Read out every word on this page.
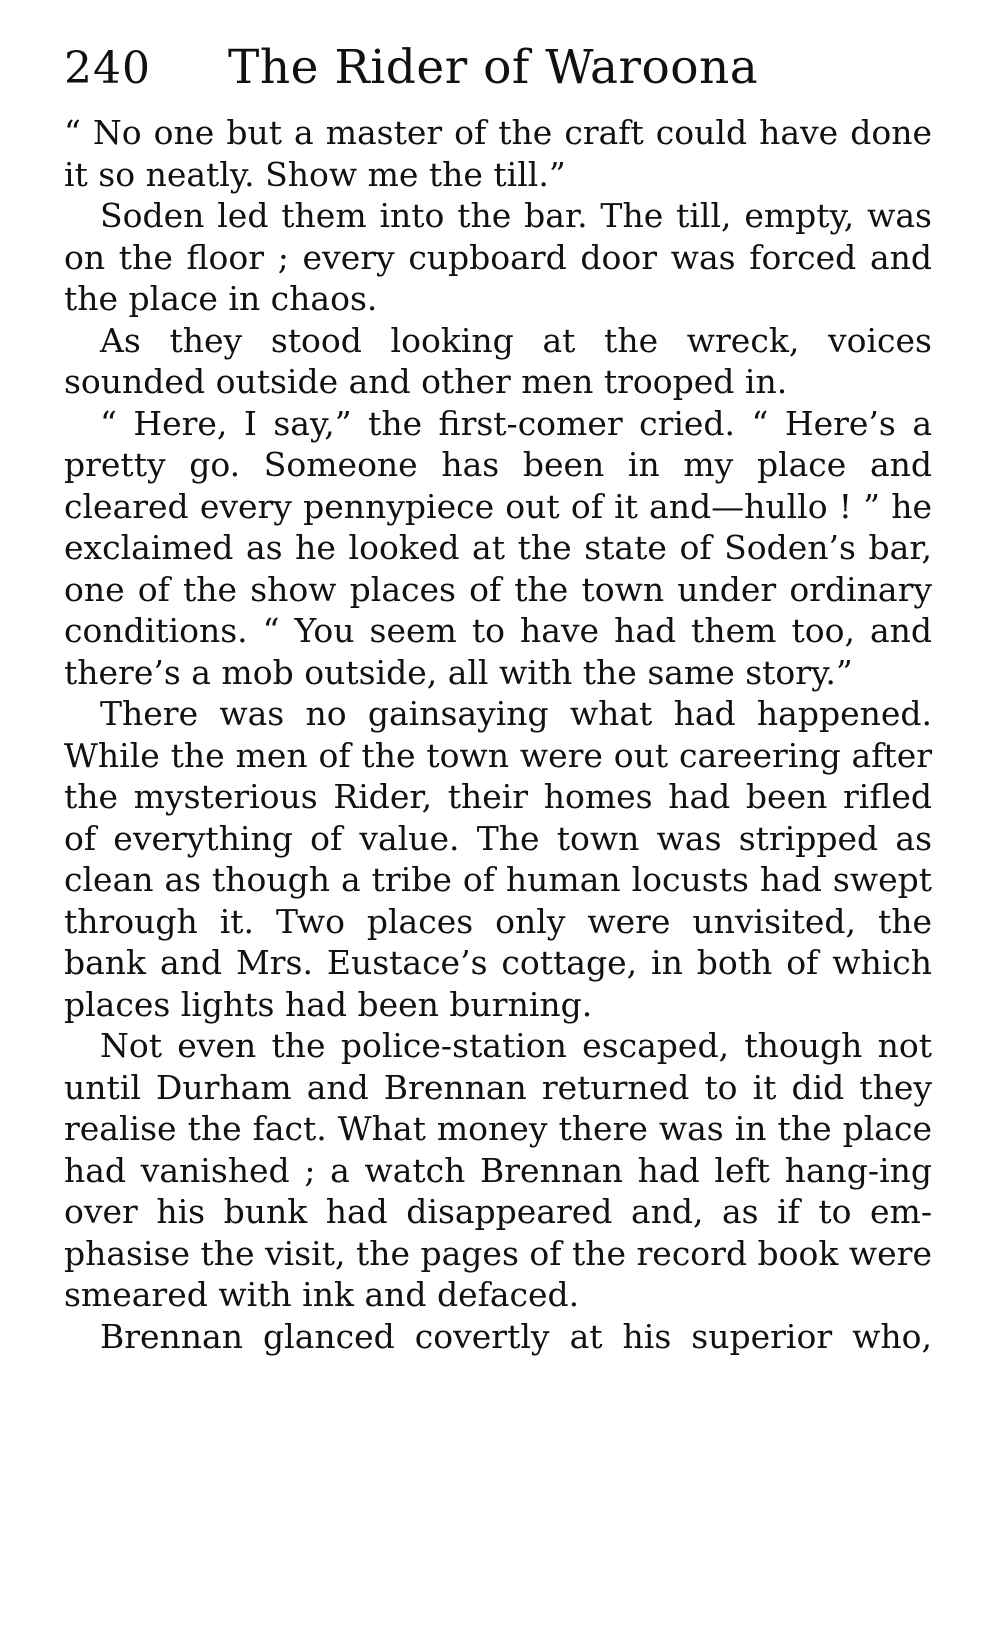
240	The Rider of Waroona

“ No one but a master of the craft could have done it so neatly. Show me the till.”

Soden led them into the bar. The till, empty, was on the floor ; every cupboard door was forced and the place in chaos.

As they stood looking at the wreck, voices sounded outside and other men trooped in.

“ Here, I say,” the first-comer cried. “ Here’s a pretty go. Someone has been in my place and cleared every pennypiece out of it and—hullo ! ” he exclaimed as he looked at the state of Soden’s bar, one of the show places of the town under ordinary conditions. “ You seem to have had them too, and there’s a mob outside, all with the same story.”

There was no gainsaying what had happened. While the men of the town were out careering after the mysterious Rider, their homes had been rifled of everything of value. The town was stripped as clean as though a tribe of human locusts had swept through it. Two places only were unvisited, the bank and Mrs. Eustace’s cottage, in both of which places lights had been burning.

Not even the police-station escaped, though not until Durham and Brennan returned to it did they realise the fact. What money there was in the place had vanished ; a watch Brennan had left hang-ing over his bunk had disappeared and, as if to em-phasise the visit, the pages of the record book were smeared with ink and defaced.

Brennan glanced covertly at his superior who,
